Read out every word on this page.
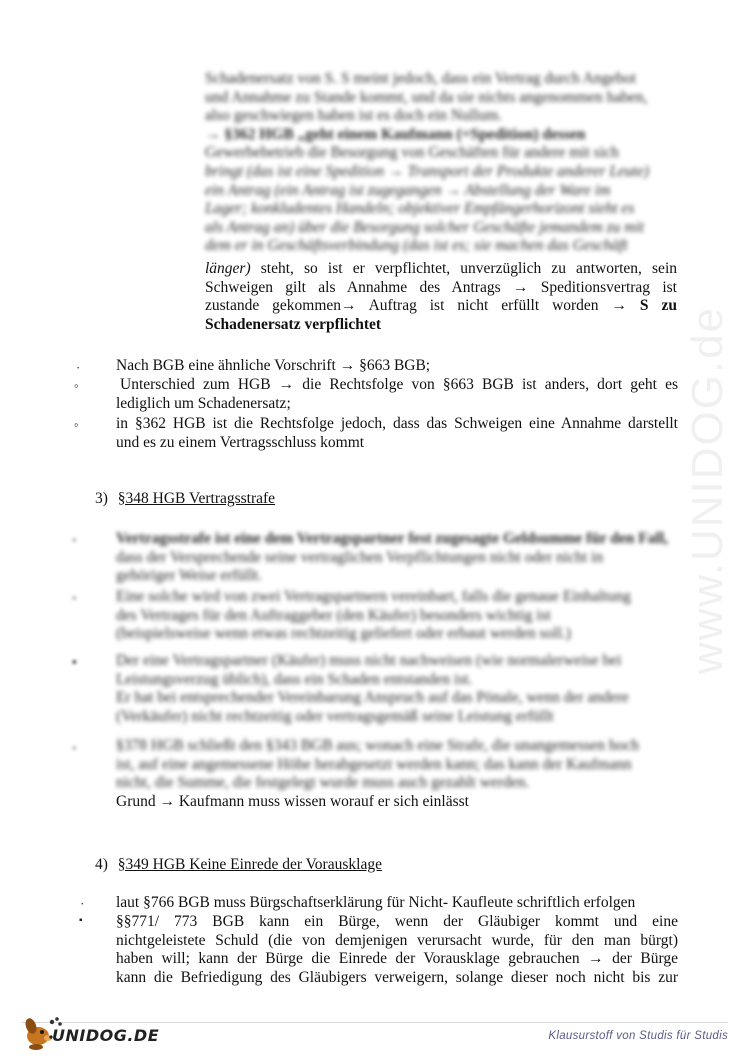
www.UNIDOG.de
Schadenersatz von S. S meint jedoch, dass ein Vertrag durch Angebot
und Annahme zu Stande kommt, und da sie nichts angenommen haben,
also geschwiegen haben ist es doch ein Nullum.
→ §362 HGB „geht einem Kaufmann (=Spedition) dessen
Gewerbebetrieb die Besorgung von Geschäften für andere mit sich
bringt (das ist eine Spedition → Transport der Produkte anderer Leute)
ein Antrag (ein Antrag ist zugegangen → Abstellung der Ware im
Lager; konkludentes Handeln; objektiver Empfängerhorizont sieht es
als Antrag an) über die Besorgung solcher Geschäfte jemandem zu mit
dem er in Geschäftsverbindung (das ist es; sie machen das Geschäft
länger) steht, so ist er verpflichtet, unverzüglich zu antworten, sein
Schweigen gilt als Annahme des Antrags → Speditionsvertrag ist
zustande gekommen→ Auftrag ist nicht erfüllt worden → S zu
Schadenersatz verpflichtet
· Nach BGB eine ähnliche Vorschrift → §663 BGB;
◦	Unterschied zum HGB → die Rechtsfolge von §663 BGB ist anders, dort geht es
lediglich um Schadenersatz;
◦ in §362 HGB ist die Rechtsfolge jedoch, dass das Schweigen eine Annahme darstellt
und es zu einem Vertragsschluss kommt
3) §348 HGB Vertragsstrafe
◦	Vertragsstrafe ist eine dem Vertragspartner fest zugesagte Geldsumme für den Fall,
dass der Versprechende seine vertraglichen Verpflichtungen nicht oder nicht in
gehöriger Weise erfüllt.
◦	Eine solche wird von zwei Vertragspartnern vereinbart, falls die genaue Einhaltung
des Vertrages für den Auftraggeber (den Käufer) besonders wichtig ist
(beispielsweise wenn etwas rechtzeitig geliefert oder erbaut werden soll.)
▪	Der eine Vertragspartner (Käufer) muss nicht nachweisen (wie normalerweise bei
Leistungsverzug üblich), dass ein Schaden entstanden ist.
Er hat bei entsprechender Vereinbarung Anspruch auf das Pönale, wenn der andere
(Verkäufer) nicht rechtzeitig oder vertragsgemäß seine Leistung erfüllt
◦	§378 HGB schließt den §343 BGB aus; wonach eine Strafe, die unangemessen hoch
ist, auf eine angemessene Höhe herabgesetzt werden kann; das kann der Kaufmann
nicht, die Summe, die festgelegt wurde muss auch gezahlt werden.
Grund → Kaufmann muss wissen worauf er sich einlässt
4) §349 HGB Keine Einrede der Vorausklage
· laut §766 BGB muss Bürgschaftserklärung für Nicht- Kaufleute schriftlich erfolgen
▪ §§771/ 773 BGB kann ein Bürge, wenn der Gläubiger kommt und eine
nichtgeleistete Schuld (die von demjenigen verursacht wurde, für den man bürgt)
haben will; kann der Bürge die Einrede der Vorausklage gebrauchen → der Bürge
kann die Befriedigung des Gläubigers verweigern, solange dieser noch nicht bis zur
UNIDOG.DE	Klausurstoff von Studis für Studis
